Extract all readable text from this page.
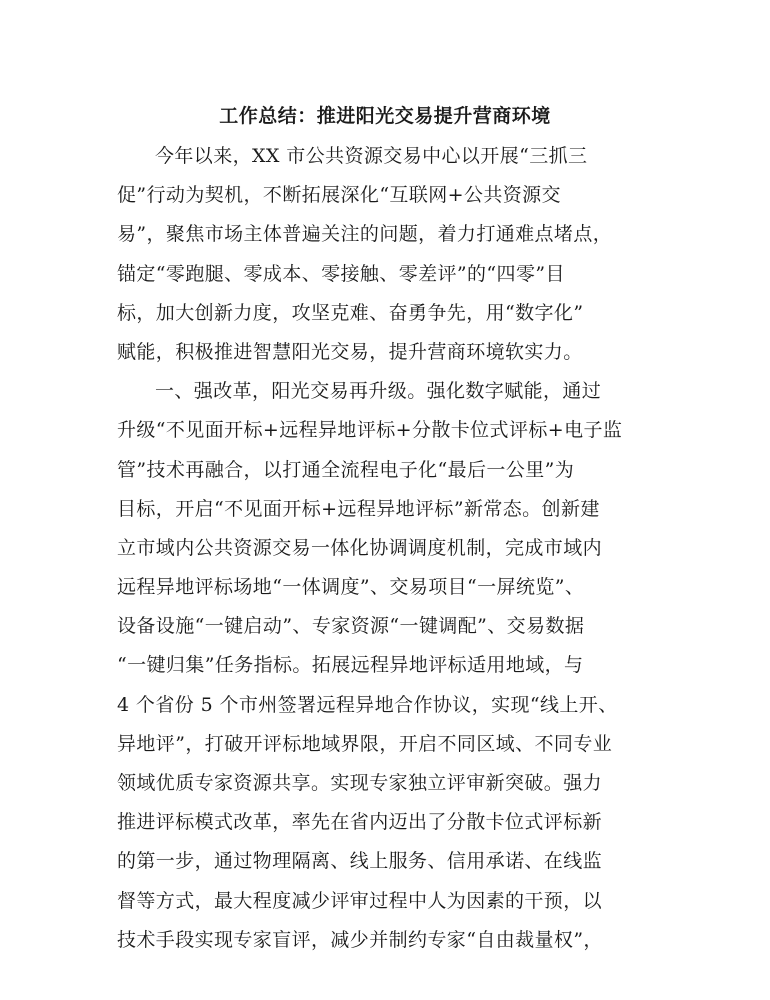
工作总结：推进阳光交易提升营商环境
今年以来，XX 市公共资源交易中心以开展“三抓三
促”行动为契机，不断拓展深化“互联网+公共资源交
易”，聚焦市场主体普遍关注的问题，着力打通难点堵点，
锚定“零跑腿、零成本、零接触、零差评”的“四零”目
标，加大创新力度，攻坚克难、奋勇争先，用“数字化”
赋能，积极推进智慧阳光交易，提升营商环境软实力。
一、强改革，阳光交易再升级。强化数字赋能，通过
升级“不见面开标+远程异地评标+分散卡位式评标+电子监
管”技术再融合，以打通全流程电子化“最后一公里”为
目标，开启“不见面开标+远程异地评标”新常态。创新建
立市域内公共资源交易一体化协调调度机制，完成市域内
远程异地评标场地“一体调度”、交易项目“一屏统览”、
设备设施“一键启动”、专家资源“一键调配”、交易数据
“一键归集”任务指标。拓展远程异地评标适用地域，与
4 个省份 5 个市州签署远程异地合作协议，实现“线上开、
异地评”，打破开评标地域界限，开启不同区域、不同专业
领域优质专家资源共享。实现专家独立评审新突破。强力
推进评标模式改革，率先在省内迈出了分散卡位式评标新
的第一步，通过物理隔离、线上服务、信用承诺、在线监
督等方式，最大程度减少评审过程中人为因素的干预，以
技术手段实现专家盲评，减少并制约专家“自由裁量权”，
